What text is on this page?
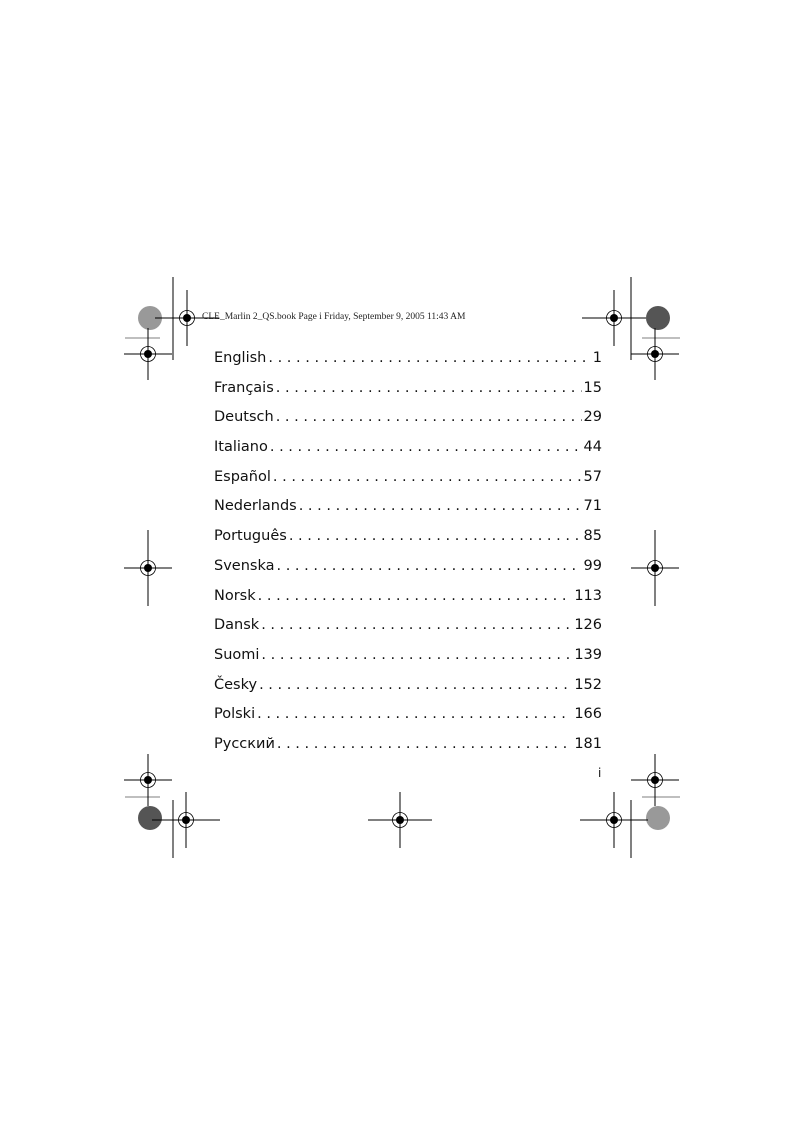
CLE_Marlin 2_QS.book Page i Friday, September 9, 2005 11:43 AM
English . . .	1
Français . . .	15
Deutsch . . .	29
Italiano . . .	44
Español . . .	57
Nederlands . . .	71
Português . . .	85
Svenska . . .	99
Norsk . . .	113
Dansk . . .	126
Suomi . . .	139
Česky . . .	152
Polski . . .	166
Русский . . .	181
i
